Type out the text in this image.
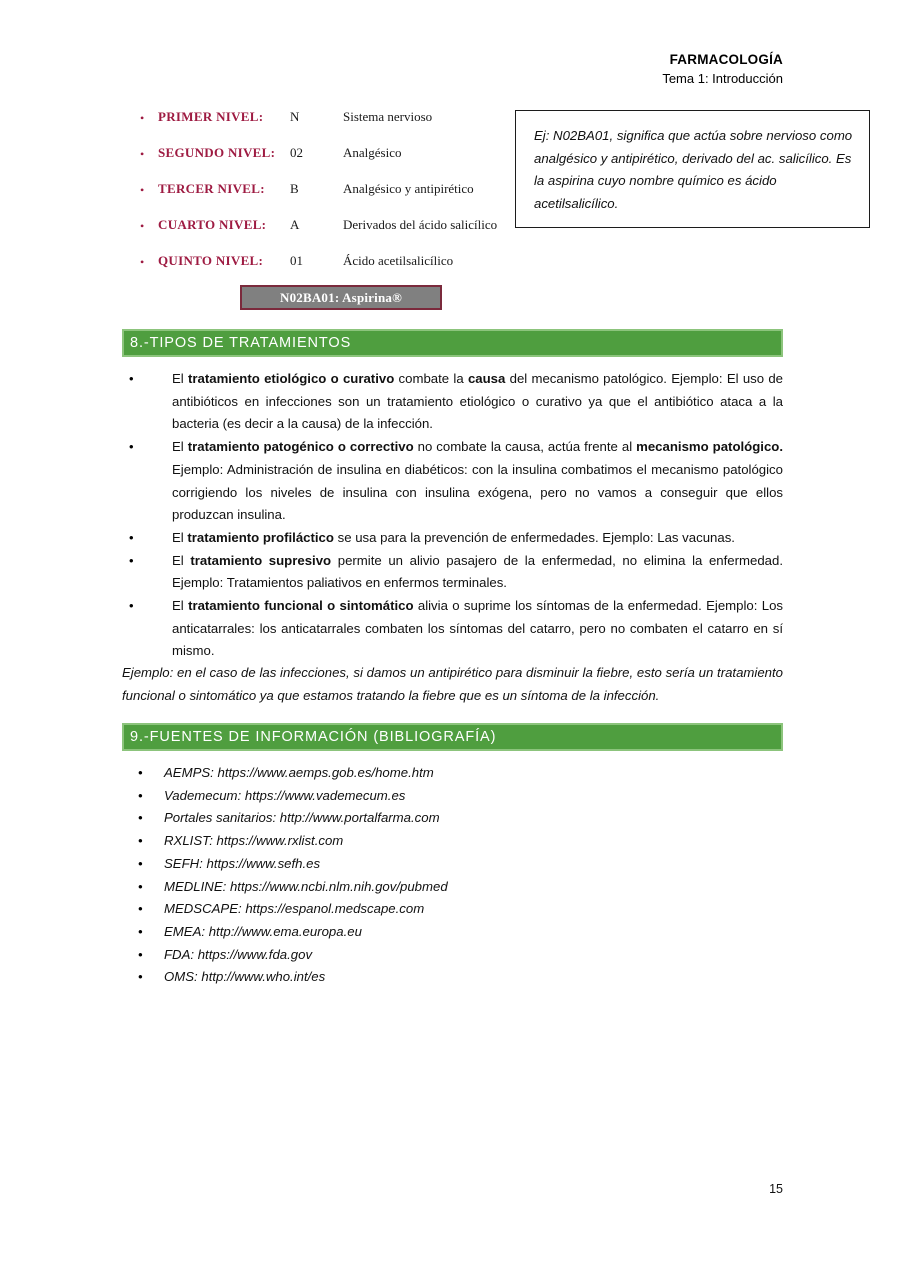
FARMACOLOGÍA
Tema 1: Introducción
• PRIMER NIVEL: N	Sistema nervioso
• SEGUNDO NIVEL: 02	Analgésico
• TERCER NIVEL: B	Analgésico y antipirético
• CUARTO NIVEL: A	Derivados del ácido salicílico
• QUINTO NIVEL: 01	Ácido acetilsalicílico

Ej: N02BA01, significa que actúa sobre nervioso como analgésico y antipirético, derivado del ac. salicílico. Es la aspirina cuyo nombre químico es ácido acetilsalicílico.

N02BA01: Aspirina®
8.-TIPOS DE TRATAMIENTOS
• El tratamiento etiológico o curativo combate la causa del mecanismo patológico. Ejemplo: El uso de antibióticos en infecciones son un tratamiento etiológico o curativo ya que el antibiótico ataca a la bacteria (es decir a la causa) de la infección.
• El tratamiento patogénico o correctivo no combate la causa, actúa frente al mecanismo patológico. Ejemplo: Administración de insulina en diabéticos: con la insulina combatimos el mecanismo patológico corrigiendo los niveles de insulina con insulina exógena, pero no vamos a conseguir que ellos produzcan insulina.
• El tratamiento profiláctico se usa para la prevención de enfermedades. Ejemplo: Las vacunas.
• El tratamiento supresivo permite un alivio pasajero de la enfermedad, no elimina la enfermedad. Ejemplo: Tratamientos paliativos en enfermos terminales.
• El tratamiento funcional o sintomático alivia o suprime los síntomas de la enfermedad. Ejemplo: Los anticatarrales: los anticatarrales combaten los síntomas del catarro, pero no combaten el catarro en sí mismo.

Ejemplo: en el caso de las infecciones, si damos un antipirético para disminuir la fiebre, esto sería un tratamiento funcional o sintomático ya que estamos tratando la fiebre que es un síntoma de la infección.

9.-FUENTES DE INFORMACIÓN (BIBLIOGRAFÍA)
• AEMPS: https://www.aemps.gob.es/home.htm
• Vademecum: https://www.vademecum.es
• Portales sanitarios: http://www.portalfarma.com
• RXLIST: https://www.rxlist.com
• SEFH: https://www.sefh.es
• MEDLINE: https://www.ncbi.nlm.nih.gov/pubmed
• MEDSCAPE: https://espanol.medscape.com
• EMEA: http://www.ema.europa.eu
• FDA: https://www.fda.gov
• OMS: http://www.who.int/es
15
